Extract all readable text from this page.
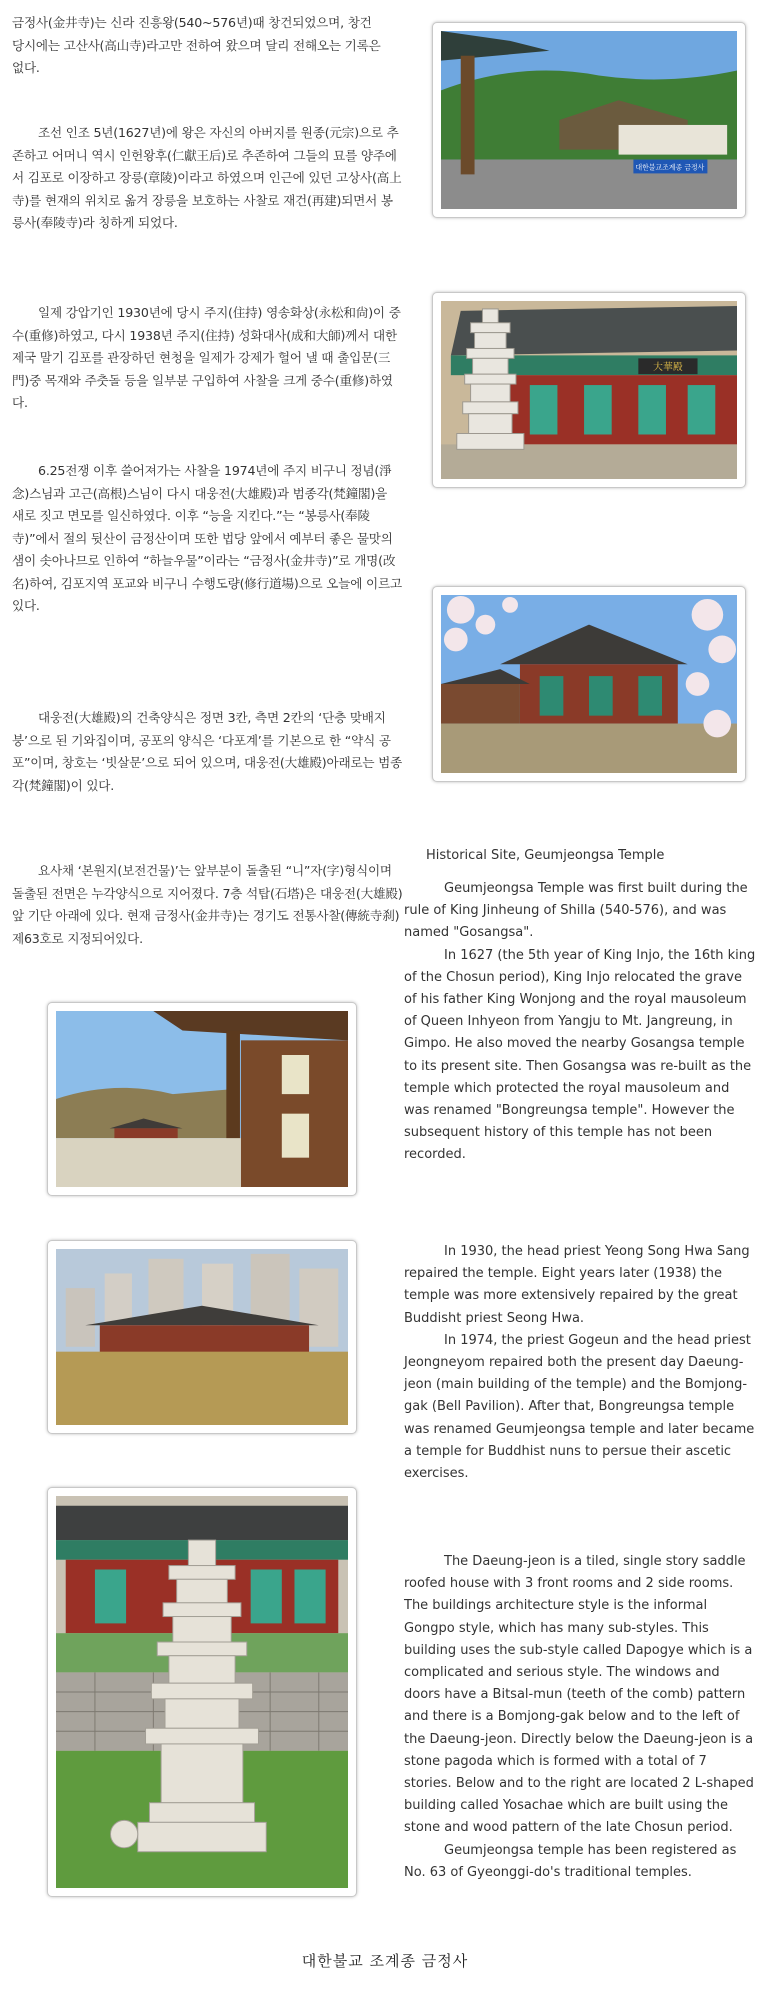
금정사(金井寺)는 신라 진흥왕(540~576년)때 창건되었으며, 창건 당시에는 고산사(高山寺)라고만 전하여 왔으며 달리 전해오는 기록은 없다.
조선 인조 5년(1627년)에 왕은 자신의 아버지를 원종(元宗)으로 추존하고 어머니 역시 인헌왕후(仁獻王后)로 추존하여 그들의 묘를 양주에서 김포로 이장하고 장릉(章陵)이라고 하였으며 인근에 있던 고상사(高上寺)를 현재의 위치로 옮겨 장릉을 보호하는 사찰로 재건(再建)되면서 봉릉사(奉陵寺)라 칭하게 되었다.
일제 강압기인 1930년에 당시 주지(住持) 영송화상(永松和尙)이 중수(重修)하였고, 다시 1938년 주지(住持) 성화대사(成和大師)께서 대한제국 말기 김포를 관장하던 현청을 일제가 강제가 헐어 낼 때 출입문(三門)중 목재와 주춧돌 등을 일부분 구입하여 사찰을 크게 중수(重修)하였다.
6.25전쟁 이후 쓸어져가는 사찰을 1974년에 주지 비구니 정념(淨念)스님과 고근(高根)스님이 다시 대웅전(大雄殿)과 범종각(梵鐘閣)을 새로 짓고 면모를 일신하였다. 이후 “능을 지킨다.”는 “봉릉사(奉陵寺)”에서 절의 뒷산이 금정산이며 또한 법당 앞에서 예부터 좋은 물맛의 샘이 솟아나므로 인하여 “하늘우물”이라는 “금정사(金井寺)”로 개명(改名)하여, 김포지역 포교와 비구니 수행도량(修行道場)으로 오늘에 이르고 있다.
대웅전(大雄殿)의 건축양식은 정면 3칸, 측면 2칸의 ‘단층 맞배지붕’으로 된 기와집이며, 공포의 양식은 ‘다포계’를 기본으로 한 “약식 공포”이며, 창호는 ‘빗살문’으로 되어 있으며, 대웅전(大雄殿)아래로는 범종각(梵鐘閣)이 있다.
요사채 ‘본원지(보전건물)’는 앞부분이 돌출된 “니”자(字)형식이며 돌출된 전면은 누각양식으로 지어졌다. 7층 석탑(石塔)은 대웅전(大雄殿)앞 기단 아래에 있다. 현재 금정사(金井寺)는 경기도 전통사찰(傳統寺刹) 제63호로 지정되어있다.
대한불교조계종 금정사
大華殿
Historical Site, Geumjeongsa Temple

Geumjeongsa Temple was first built during the rule of King Jinheung of Shilla (540-576), and was named "Gosangsa".

In 1627 (the 5th year of King Injo, the 16th king of the Chosun period), King Injo relocated the grave of his father King Wonjong and the royal mausoleum of Queen Inhyeon from Yangju to Mt. Jangreung, in Gimpo. He also moved the nearby Gosangsa temple to its present site. Then Gosangsa was re-built as the temple which protected the royal mausoleum and was renamed "Bongreungsa temple". However the subsequent history of this temple has not been recorded.

In 1930, the head priest Yeong Song Hwa Sang repaired the temple. Eight years later (1938) the temple was more extensively repaired by the great Buddisht priest Seong Hwa.

In 1974, the priest Gogeun and the head priest Jeongneyom repaired both the present day Daeung-jeon (main building of the temple) and the Bomjong-gak (Bell Pavilion). After that, Bongreungsa temple was renamed Geumjeongsa temple and later became a temple for Buddhist nuns to persue their ascetic exercises.

The Daeung-jeon is a tiled, single story saddle roofed house with 3 front rooms and 2 side rooms. The buildings architecture style is the informal Gongpo style, which has many sub-styles. This building uses the sub-style called Dapogye which is a complicated and serious style. The windows and doors have a Bitsal-mun (teeth of the comb) pattern and there is a Bomjong-gak below and to the left of the Daeung-jeon. Directly below the Daeung-jeon is a stone pagoda which is formed with a total of 7 stories. Below and to the right are located 2 L-shaped building called Yosachae which are built using the stone and wood pattern of the late Chosun period.

Geumjeongsa temple has been registered as No. 63 of Gyeonggi-do's traditional temples.

대한불교 조계종 금정사
